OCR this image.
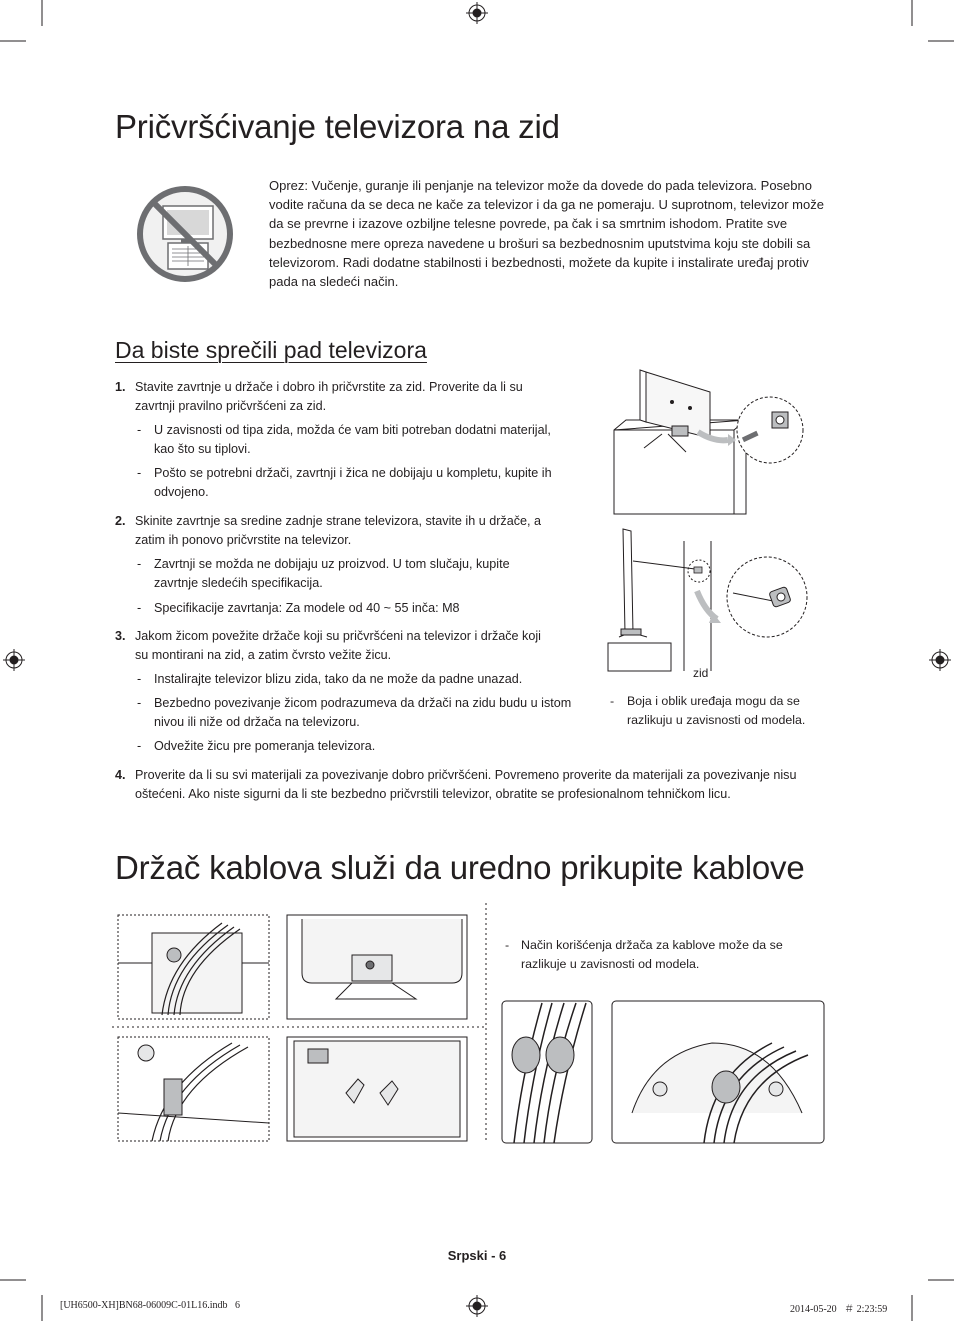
Pričvršćivanje televizora na zid
Oprez: Vučenje, guranje ili penjanje na televizor može da dovede do pada televizora. Posebno vodite računa da se deca ne kače za televizor i da ga ne pomeraju. U suprotnom, televizor može da se prevrne i izazove ozbiljne telesne povrede, pa čak i sa smrtnim ishodom. Pratite sve bezbednosne mere opreza navedene u brošuri sa bezbednosnim uputstvima koju ste dobili sa televizorom. Radi dodatne stabilnosti i bezbednosti, možete da kupite i instalirate uređaj protiv pada na sledeći način.
Da biste sprečili pad televizora
1. Stavite zavrtnje u držače i dobro ih pričvrstite za zid. Proverite da li su zavrtnji pravilno pričvršćeni za zid.
- U zavisnosti od tipa zida, možda će vam biti potreban dodatni materijal, kao što su tiplovi.
- Pošto se potrebni držači, zavrtnji i žica ne dobijaju u kompletu, kupite ih odvojeno.
2. Skinite zavrtnje sa sredine zadnje strane televizora, stavite ih u držače, a zatim ih ponovo pričvrstite na televizor.
- Zavrtnji se možda ne dobijaju uz proizvod. U tom slučaju, kupite zavrtnje sledećih specifikacija.
- Specifikacije zavrtanja: Za modele od 40 ~ 55 inča: M8
3. Jakom žicom povežite držače koji su pričvršćeni na televizor i držače koji su montirani na zid, a zatim čvrsto vežite žicu.
- Instalirajte televizor blizu zida, tako da ne može da padne unazad.
- Bezbedno povezivanje žicom podrazumeva da držači na zidu budu u istom nivou ili niže od držača na televizoru.
- Odvežite žicu pre pomeranja televizora.
4. Proverite da li su svi materijali za povezivanje dobro pričvršćeni. Povremeno proverite da materijali za povezivanje nisu oštećeni. Ako niste sigurni da li ste bezbedno pričvrstili televizor, obratite se profesionalnom tehničkom licu.
zid
- Boja i oblik uređaja mogu da se razlikuju u zavisnosti od modela.
Držač kablova služi da uredno prikupite kablove
- Način korišćenja držača za kablove može da se razlikuje u zavisnosti od modela.
Srpski - 6
[UH6500-XH]BN68-06009C-01L16.indb   6	2014-05-20   ＃ 2:23:59
